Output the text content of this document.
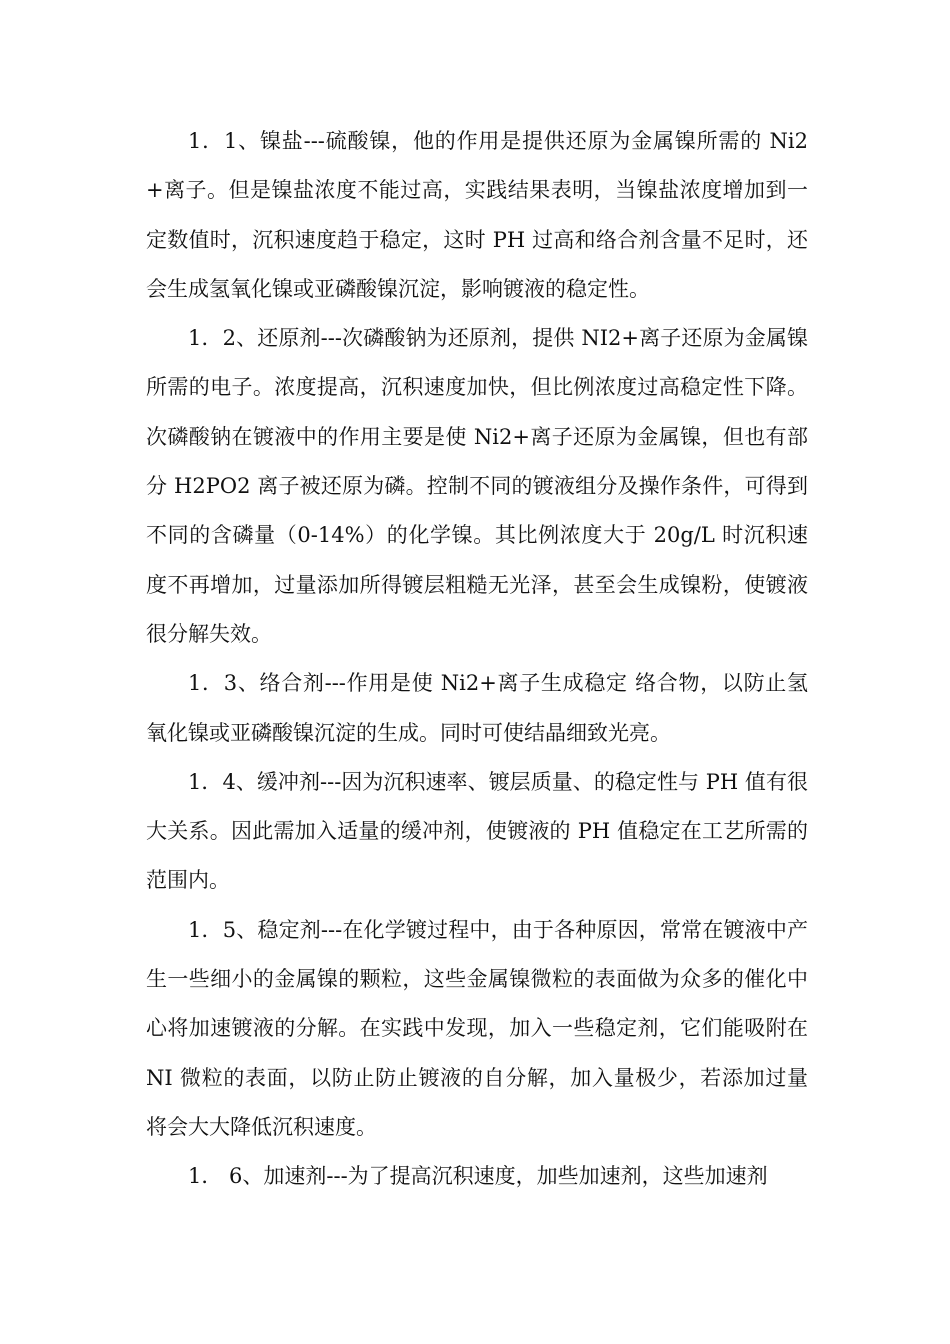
1．1、镍盐---硫酸镍，他的作用是提供还原为金属镍所需的 Ni2+离子。但是镍盐浓度不能过高，实践结果表明，当镍盐浓度增加到一定数值时，沉积速度趋于稳定，这时 PH 过高和络合剂含量不足时，还会生成氢氧化镍或亚磷酸镍沉淀，影响镀液的稳定性。

1．2、还原剂---次磷酸钠为还原剂，提供 NI2+离子还原为金属镍所需的电子。浓度提高，沉积速度加快，但比例浓度过高稳定性下降。次磷酸钠在镀液中的作用主要是使 Ni2+离子还原为金属镍，但也有部分 H2PO2 离子被还原为磷。控制不同的镀液组分及操作条件，可得到不同的含磷量（0-14%）的化学镍。其比例浓度大于 20g/L 时沉积速度不再增加，过量添加所得镀层粗糙无光泽，甚至会生成镍粉，使镀液很分解失效。

1．3、络合剂---作用是使 Ni2+离子生成稳定 络合物，以防止氢氧化镍或亚磷酸镍沉淀的生成。同时可使结晶细致光亮。

1．4、缓冲剂---因为沉积速率、镀层质量、的稳定性与 PH 值有很大关系。因此需加入适量的缓冲剂，使镀液的 PH 值稳定在工艺所需的范围内。

1．5、稳定剂---在化学镀过程中，由于各种原因，常常在镀液中产生一些细小的金属镍的颗粒，这些金属镍微粒的表面做为众多的催化中心将加速镀液的分解。在实践中发现，加入一些稳定剂，它们能吸附在 NI 微粒的表面，以防止防止镀液的自分解，加入量极少，若添加过量将会大大降低沉积速度。

1． 6、加速剂---为了提高沉积速度，加些加速剂，这些加速剂
